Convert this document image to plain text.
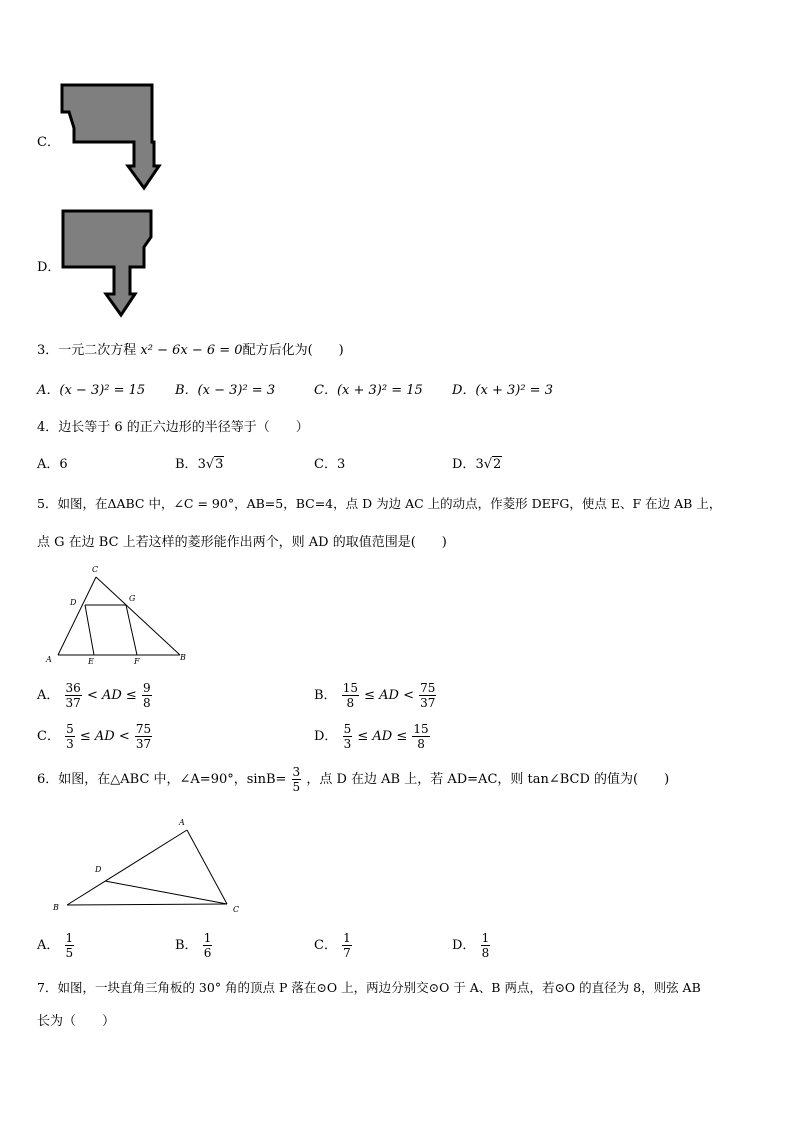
C．
D．
3．一元二次方程 x² − 6x − 6 = 0配方后化为(　　)
A．(x − 3)² = 15 B．(x − 3)² = 3	C．(x + 3)² = 15 D．(x + 3)² = 3
4．边长等于 6 的正六边形的半径等于（　　）
A．6	B．3√3	C．3	D．3√2
5．如图，在ΔABC 中，∠C = 90°，AB=5，BC=4，点 D 为边 AC 上的动点，作菱形 DEFG，使点 E、F 在边 AB 上，
点 G 在边 BC 上若这样的菱形能作出两个，则 AD 的取值范围是(　　)
C
D	G
A	E	F	B
A． $\frac{36}{37}$ < AD ≤ $\frac{9}{8}$	B． $\frac{15}{8}$ ≤ AD < $\frac{75}{37}$
C． $\frac{5}{3}$ ≤ AD < $\frac{75}{37}$	D． $\frac{5}{3}$ ≤ AD ≤ $\frac{15}{8}$
6．如图，在△ABC 中，∠A=90°，$\sin B= \frac{3}{5}$ ，点 D 在边 AB 上，若 AD=AC，则 tan∠BCD 的值为(　　)
A
D
B	C
A． $\frac{1}{5}$	B． $\frac{1}{6}$	C． $\frac{1}{7}$	D． $\frac{1}{8}$
7．如图，一块直角三角板的 30° 角的顶点 P 落在⊙O 上，两边分别交⊙O 于 A、B 两点，若⊙O 的直径为 8，则弦 AB
长为（　　）
